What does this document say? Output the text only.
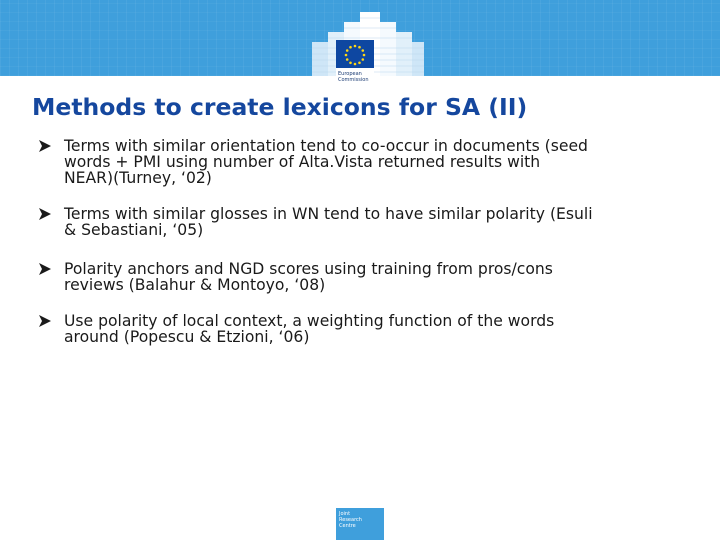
European Commission
Methods to create lexicons for SA (II)
Terms with similar orientation tend to co-occur in documents (seed
words + PMI using number of Alta.Vista returned results with
NEAR)(Turney, ‘02)
Terms with similar glosses in WN tend to have similar polarity (Esuli
& Sebastiani, ‘05)
Polarity anchors and NGD scores using training from pros/cons
reviews (Balahur & Montoyo, ‘08)
Use polarity of local context, a weighting function of the words
around (Popescu & Etzioni, ‘06)
Joint
Research
Centre
